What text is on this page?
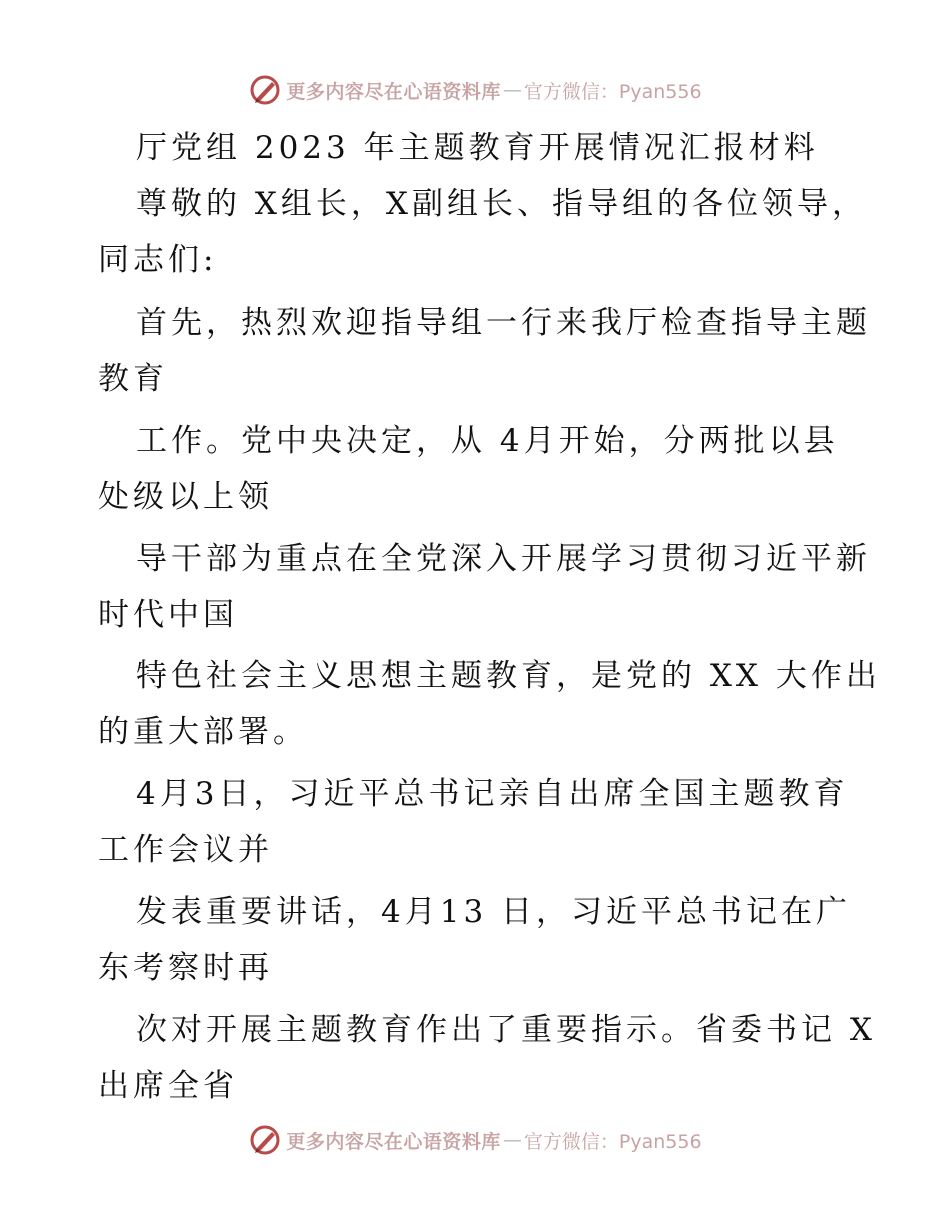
更多内容尽在心语资料库 — 官方微信：Pyan556
厅党组 2023 年主题教育开展情况汇报材料
尊敬的 X组长，X副组长、指导组的各位领导，
同志们:
首先，热烈欢迎指导组一行来我厅检查指导主题
教育
工作。党中央决定，从 4月开始，分两批以县
处级以上领
导干部为重点在全党深入开展学习贯彻习近平新
时代中国
特色社会主义思想主题教育，是党的 XX 大作出
的重大部署。
4月3日，习近平总书记亲自出席全国主题教育
工作会议并
发表重要讲话，4月13 日，习近平总书记在广
东考察时再
次对开展主题教育作出了重要指示。省委书记 X
出席全省
更多内容尽在心语资料库 — 官方微信：Pyan556
